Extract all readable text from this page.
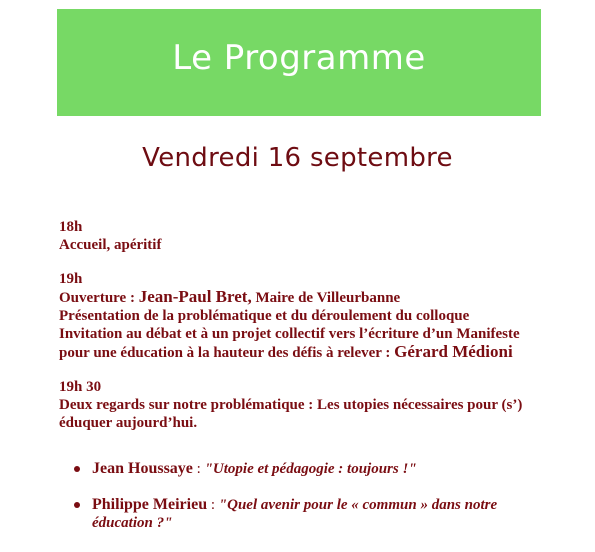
Le Programme
Vendredi 16 septembre
18h
Accueil, apéritif
19h
Ouverture : Jean-Paul Bret, Maire de Villeurbanne
Présentation de la problématique et du déroulement du colloque
Invitation au débat et à un projet collectif vers l’écriture d’un Manifeste
pour une éducation à la hauteur des défis à relever : Gérard Médioni
19h 30
Deux regards sur notre problématique : Les utopies nécessaires pour (s’) éduquer aujourd’hui.
Jean Houssaye : "Utopie et pédagogie : toujours !"
Philippe Meirieu : "Quel avenir pour le « commun » dans notre éducation ?"
